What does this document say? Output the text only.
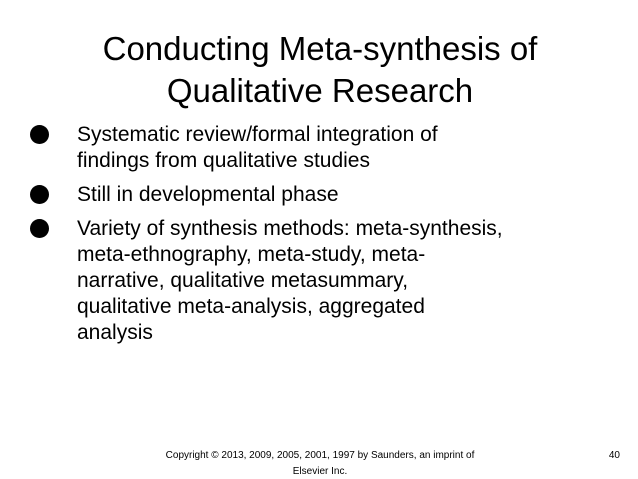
Conducting Meta-synthesis of
Qualitative Research
Systematic review/formal integration of
findings from qualitative studies
Still in developmental phase
Variety of synthesis methods: meta-synthesis,
meta-ethnography, meta-study, meta-
narrative, qualitative metasummary,
qualitative meta-analysis, aggregated
analysis
Copyright © 2013, 2009, 2005, 2001, 1997 by Saunders, an imprint of Elsevier Inc.
40
